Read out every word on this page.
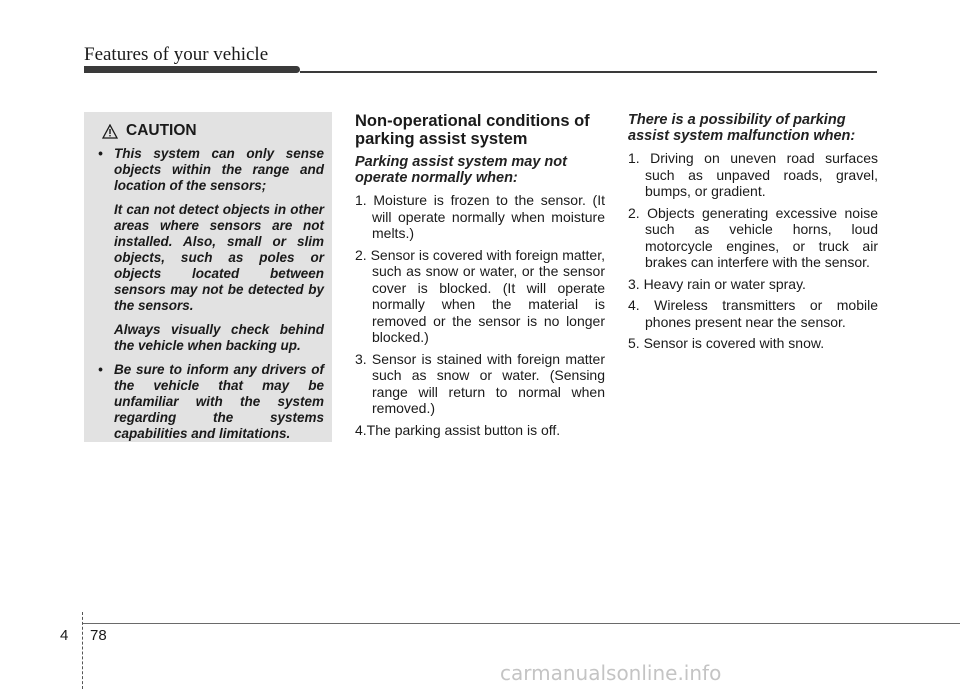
Features of your vehicle
CAUTION
• This system can only sense objects within the range and location of the sensors;

It can not detect objects in other areas where sensors are not installed. Also, small or slim objects, such as poles or objects located between sensors may not be detected by the sensors.

Always visually check behind the vehicle when backing up.

• Be sure to inform any drivers of the vehicle that may be unfamiliar with the system regarding the systems capabilities and limitations.
Non-operational conditions of parking assist system
Parking assist system may not operate normally when:
1. Moisture is frozen to the sensor. (It will operate normally when moisture melts.)
2. Sensor is covered with foreign matter, such as snow or water, or the sensor cover is blocked. (It will operate normally when the material is removed or the sensor is no longer blocked.)
3. Sensor is stained with foreign matter such as snow or water. (Sensing range will return to normal when removed.)

4.The parking assist button is off.

There is a possibility of parking assist system malfunction when:
1. Driving on uneven road surfaces such as unpaved roads, gravel, bumps, or gradient.
2. Objects generating excessive noise such as vehicle horns, loud motorcycle engines, or truck air brakes can interfere with the sensor.
3. Heavy rain or water spray.
4. Wireless transmitters or mobile phones present near the sensor.
5. Sensor is covered with snow.
4 78
carmanualsonline.info
